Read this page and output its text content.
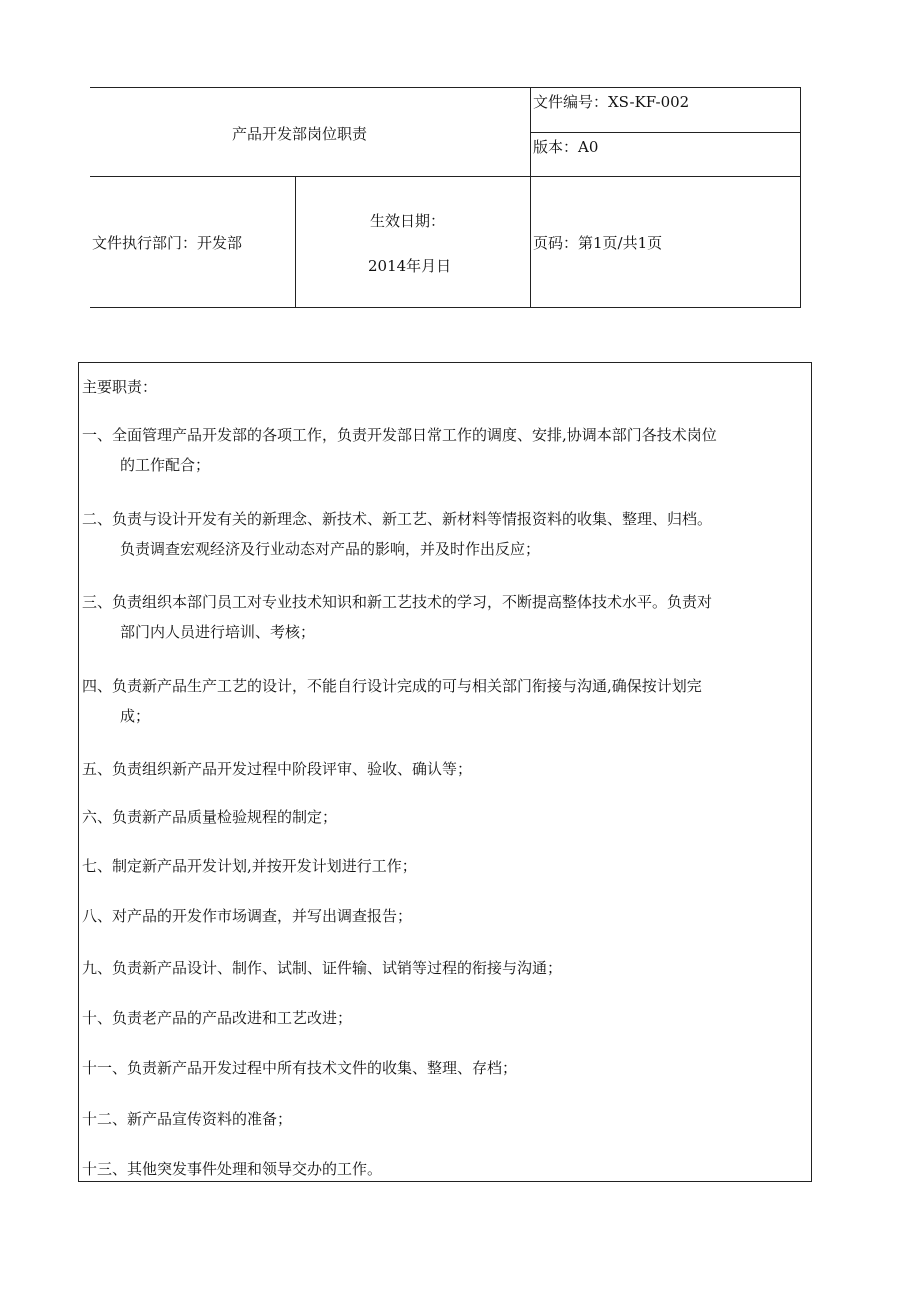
产品开发部岗位职责
文件编号：XS-KF-002
版本：A0
文件执行部门：开发部
生效日期：
2014年月日
页码：第1页/共1页
主要职责：
一、全面管理产品开发部的各项工作，负责开发部日常工作的调度、安排,协调本部门各技术岗位
的工作配合；
二、负责与设计开发有关的新理念、新技术、新工艺、新材料等情报资料的收集、整理、归档。
负责调查宏观经济及行业动态对产品的影响，并及时作出反应；
三、负责组织本部门员工对专业技术知识和新工艺技术的学习，不断提高整体技术水平。负责对
部门内人员进行培训、考核；
四、负责新产品生产工艺的设计，不能自行设计完成的可与相关部门衔接与沟通,确保按计划完
成；
五、负责组织新产品开发过程中阶段评审、验收、确认等；
六、负责新产品质量检验规程的制定；
七、制定新产品开发计划,并按开发计划进行工作；
八、对产品的开发作市场调查，并写出调查报告；
九、负责新产品设计、制作、试制、证件输、试销等过程的衔接与沟通；
十、负责老产品的产品改进和工艺改进；
十一、负责新产品开发过程中所有技术文件的收集、整理、存档；
十二、新产品宣传资料的准备；
十三、其他突发事件处理和领导交办的工作。
